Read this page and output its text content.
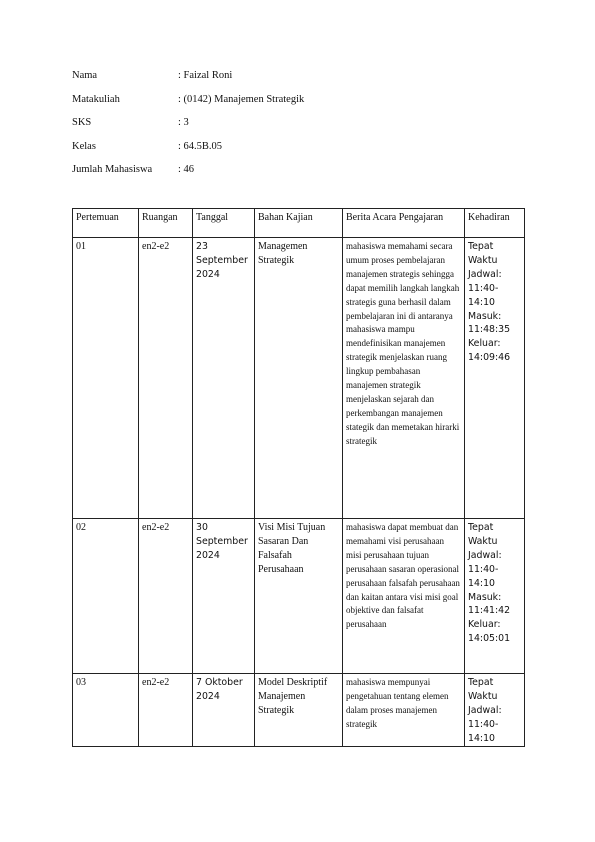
Nama	: Faizal Roni
Matakuliah	: (0142) Manajemen Strategik
SKS	: 3
Kelas	: 64.5B.05
Jumlah Mahasiswa	: 46
Pertemuan	Ruangan	Tanggal	Bahan Kajian	Berita Acara Pengajaran	Kehadiran
01	en2-e2	23 September 2024	Managemen Strategik	mahasiswa memahami secara umum proses pembelajaran manajemen strategis sehingga dapat memilih langkah langkah strategis guna berhasil dalam pembelajaran ini di antaranya mahasiswa mampu mendefinisikan manajemen strategik menjelaskan ruang lingkup pembahasan manajemen strategik menjelaskan sejarah dan perkembangan manajemen stategik dan memetakan hirarki strategik	Tepat Waktu Jadwal: 11:40-14:10 Masuk: 11:48:35 Keluar: 14:09:46
02	en2-e2	30 September 2024	Visi Misi Tujuan Sasaran Dan Falsafah Perusahaan	mahasiswa dapat membuat dan memahami visi perusahaan misi perusahaan tujuan perusahaan sasaran operasional perusahaan falsafah perusahaan dan kaitan antara visi misi goal objektive dan falsafat perusahaan	Tepat Waktu Jadwal: 11:40-14:10 Masuk: 11:41:42 Keluar: 14:05:01
03	en2-e2	7 Oktober 2024	Model Deskriptif Manajemen Strategik	mahasiswa mempunyai pengetahuan tentang elemen dalam proses manajemen strategik	Tepat Waktu Jadwal: 11:40-14:10
